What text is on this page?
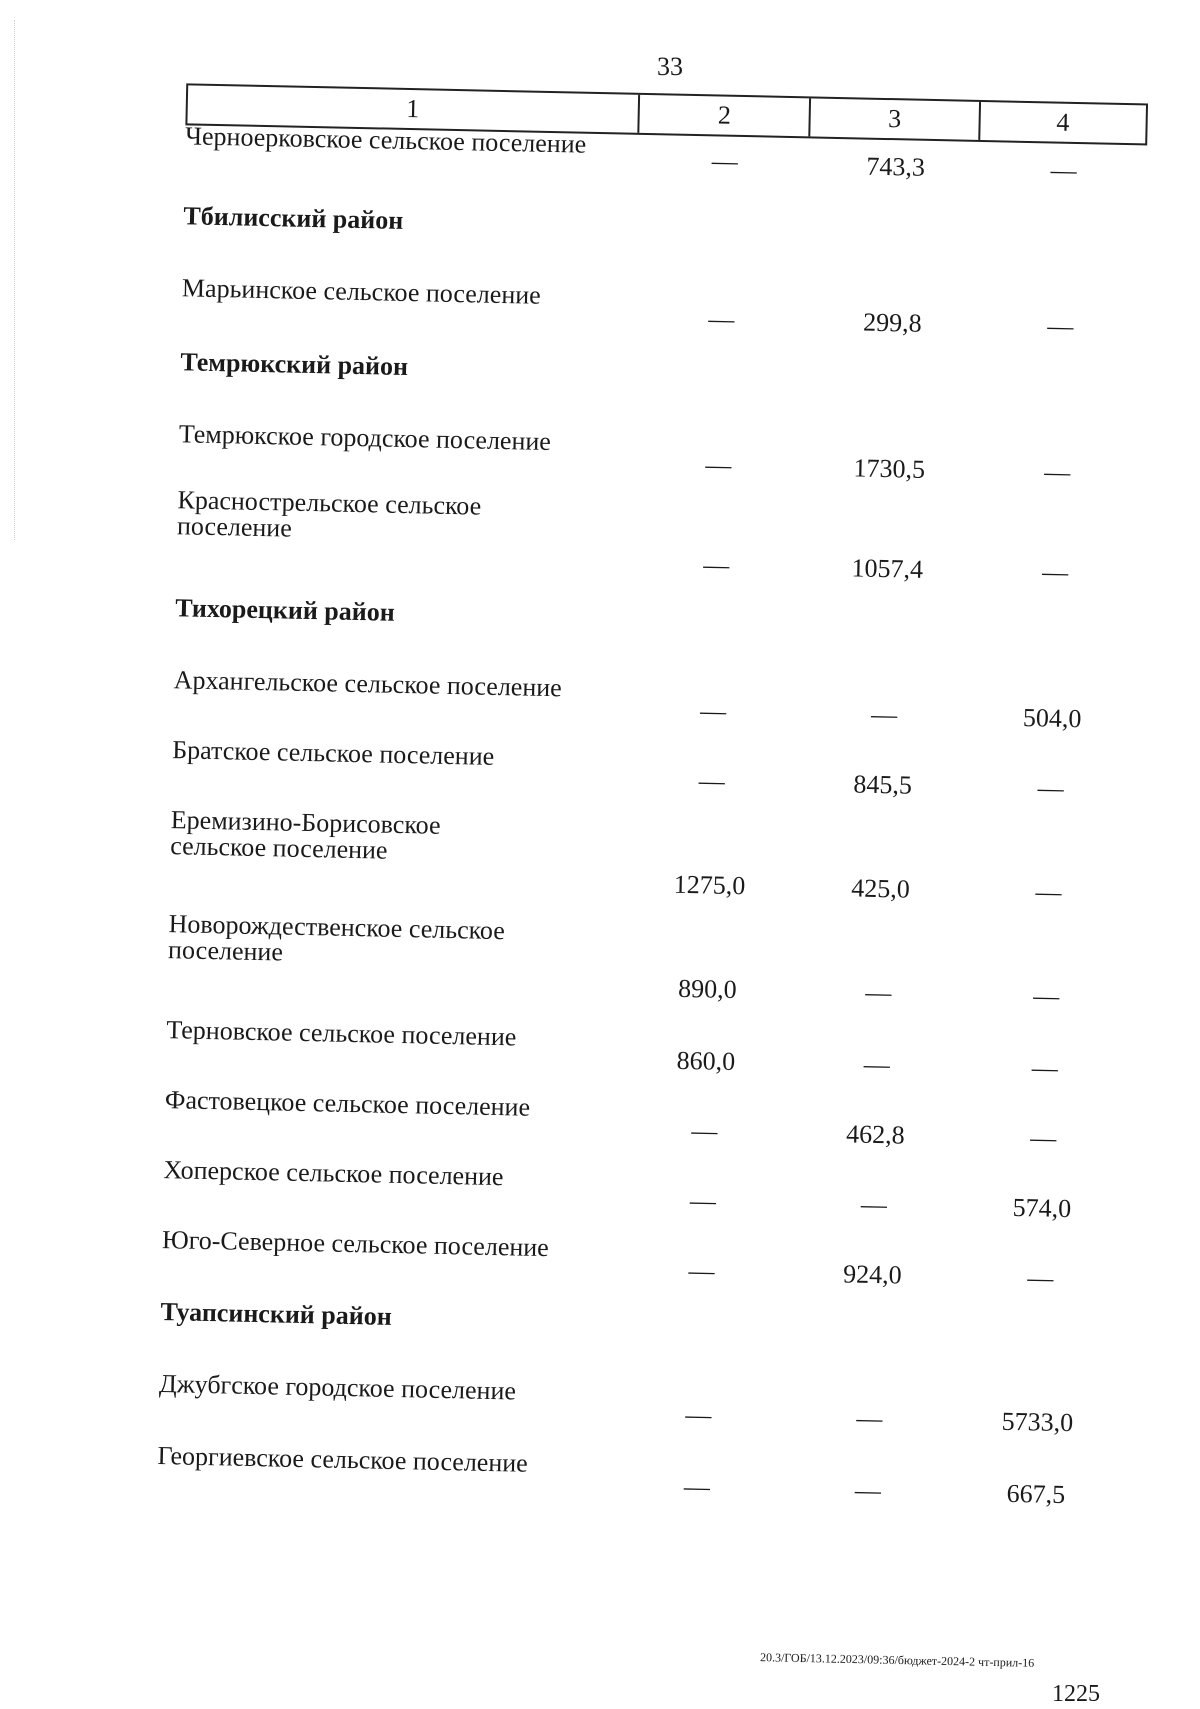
33
1	2	3	4
Черноерковское сельское поселение
—	743,3	—
Тбилисский район
Марьинское сельское поселение
—	299,8	—
Темрюкский район
Темрюкское городское поселение
—	1730,5	—
Краснострельское сельское поселение
—	1057,4	—
Тихорецкий район
Архангельское сельское поселение
—	—	504,0
Братское сельское поселение
—	845,5	—
Еремизино-Борисовское сельское поселение
1275,0	425,0	—
Новорождественское сельское поселение
890,0	—	—
Терновское сельское поселение
860,0	—	—
Фастовецкое сельское поселение
—	462,8	—
Хоперское сельское поселение
—	—	574,0
Юго-Северное сельское поселение
—	924,0	—
Туапсинский район
Джубгское городское поселение
—	—	5733,0
Георгиевское сельское поселение
—	—	667,5
20.3/ГОБ/13.12.2023/09:36/бюджет-2024-2 чт-прил-16
1225
